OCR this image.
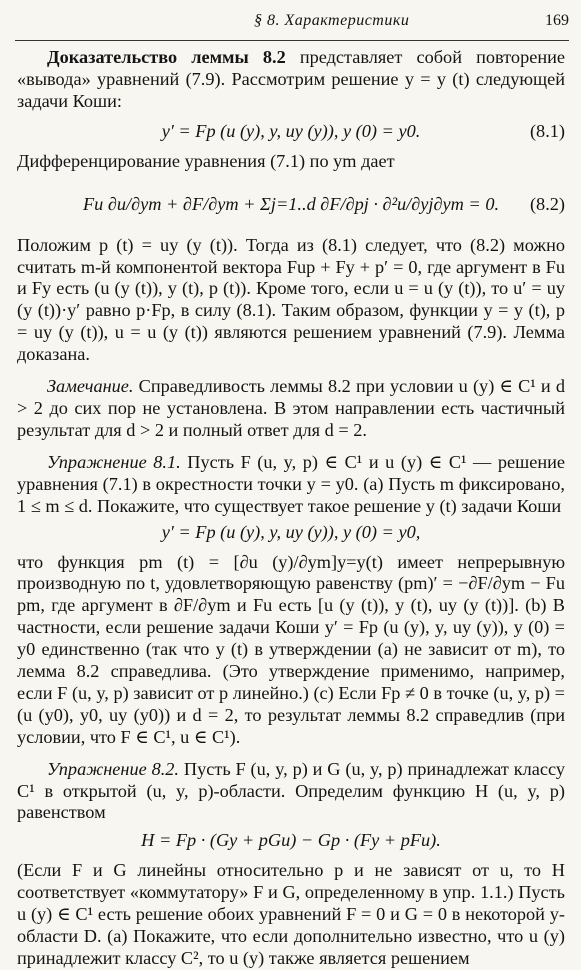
§ 8. Характеристики	169

Доказательство леммы 8.2 представляет собой повторение «вывода» уравнений (7.9). Рассмотрим решение y = y (t) следующей задачи Коши:

y′ = Fp (u (y), y, uy (y)), y (0) = y0.	(8.1)

Дифференцирование уравнения (7.1) по ym дает

Fu ∂u/∂ym + ∂F/∂ym + Σj=1..d ∂F/∂pj · ∂²u/∂yj∂ym = 0. (8.2)

Положим p (t) = uy (y (t)). Тогда из (8.1) следует, что (8.2) можно считать m-й компонентой вектора Fup + Fy + p′ = 0, где аргумент в Fu и Fy есть (u (y (t)), y (t), p (t)). Кроме того, если u = u (y (t)), то u′ = uy (y (t))·y′ равно p·Fp, в силу (8.1). Таким образом, функции y = y (t), p = uy (y (t)), u = u (y (t)) являются решением уравнений (7.9). Лемма доказана.

Замечание. Справедливость леммы 8.2 при условии u (y) ∈ C¹ и d > 2 до сих пор не установлена. В этом направлении есть частичный результат для d > 2 и полный ответ для d = 2.

Упражнение 8.1. Пусть F (u, y, p) ∈ C¹ и u (y) ∈ C¹ — решение уравнения (7.1) в окрестности точки y = y0. (a) Пусть m фиксировано, 1 ≤ m ≤ d. Покажите, что существует такое решение y (t) задачи Коши

y′ = Fp (u (y), y, uy (y)), y (0) = y0,

что функция pm (t) = [∂u (y)/∂ym]y=y(t) имеет непрерывную производную по t, удовлетворяющую равенству (pm)′ = −∂F/∂ym − Fu pm, где аргумент в ∂F/∂ym и Fu есть [u (y (t)), y (t), uy (y (t))]. (b) В частности, если решение задачи Коши y′ = Fp (u (y), y, uy (y)), y (0) = y0 единственно (так что y (t) в утверждении (a) не зависит от m), то лемма 8.2 справедлива. (Это утверждение применимо, например, если F (u, y, p) зависит от p линейно.) (c) Если Fp ≠ 0 в точке (u, y, p) = (u (y0), y0, uy (y0)) и d = 2, то результат леммы 8.2 справедлив (при условии, что F ∈ C¹, u ∈ C¹).

Упражнение 8.2. Пусть F (u, y, p) и G (u, y, p) принадлежат классу C¹ в открытой (u, y, p)-области. Определим функцию H (u, y, p) равенством

H = Fp · (Gy + pGu) − Gp · (Fy + pFu).

(Если F и G линейны относительно p и не зависят от u, то H соответствует «коммутатору» F и G, определенному в упр. 1.1.) Пусть u (y) ∈ C¹ есть решение обоих уравнений F = 0 и G = 0 в некоторой y-области D. (a) Покажите, что если дополнительно известно, что u (y) принадлежит классу C², то u (y) также является решением
